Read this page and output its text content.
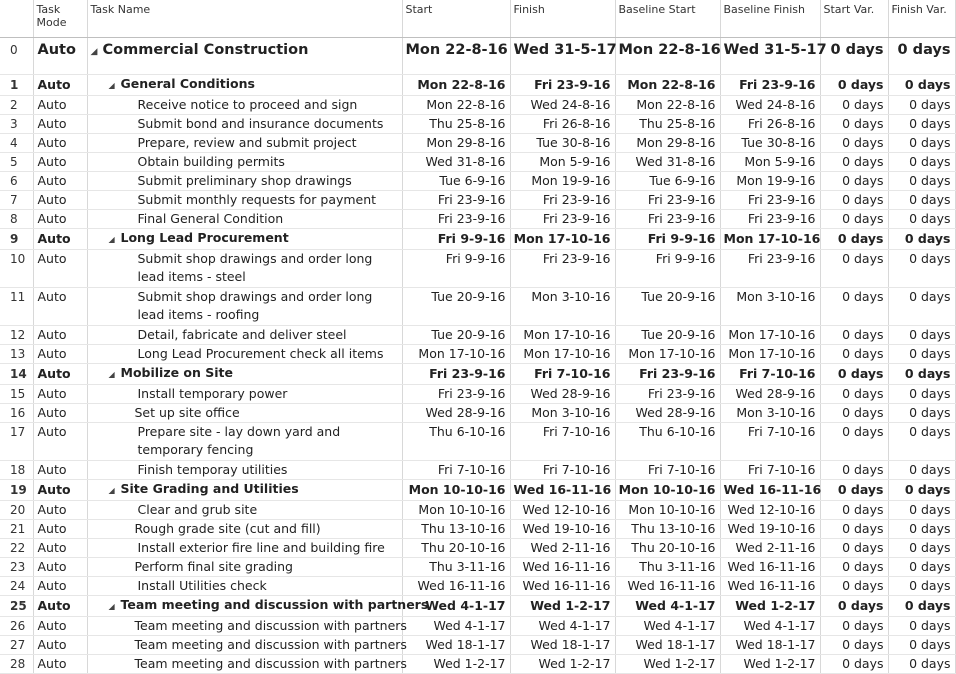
	Task Mode	Task Name	Start	Finish	Baseline Start	Baseline Finish	Start Var.	Finish Var.
0	Auto	◢ Commercial Construction	Mon 22-8-16	Wed 31-5-17	Mon 22-8-16	Wed 31-5-17	0 days	0 days
1	Auto	◢ General Conditions	Mon 22-8-16	Fri 23-9-16	Mon 22-8-16	Fri 23-9-16	0 days	0 days
2	Auto	Receive notice to proceed and sign	Mon 22-8-16	Wed 24-8-16	Mon 22-8-16	Wed 24-8-16	0 days	0 days
3	Auto	Submit bond and insurance documents	Thu 25-8-16	Fri 26-8-16	Thu 25-8-16	Fri 26-8-16	0 days	0 days
4	Auto	Prepare, review and submit project	Mon 29-8-16	Tue 30-8-16	Mon 29-8-16	Tue 30-8-16	0 days	0 days
5	Auto	Obtain building permits	Wed 31-8-16	Mon 5-9-16	Wed 31-8-16	Mon 5-9-16	0 days	0 days
6	Auto	Submit preliminary shop drawings	Tue 6-9-16	Mon 19-9-16	Tue 6-9-16	Mon 19-9-16	0 days	0 days
7	Auto	Submit monthly requests for payment	Fri 23-9-16	Fri 23-9-16	Fri 23-9-16	Fri 23-9-16	0 days	0 days
8	Auto	Final General Condition	Fri 23-9-16	Fri 23-9-16	Fri 23-9-16	Fri 23-9-16	0 days	0 days
9	Auto	◢ Long Lead Procurement	Fri 9-9-16	Mon 17-10-16	Fri 9-9-16	Mon 17-10-16	0 days	0 days
10	Auto	Submit shop drawings and order long lead items - steel	Fri 9-9-16	Fri 23-9-16	Fri 9-9-16	Fri 23-9-16	0 days	0 days
11	Auto	Submit shop drawings and order long lead items - roofing	Tue 20-9-16	Mon 3-10-16	Tue 20-9-16	Mon 3-10-16	0 days	0 days
12	Auto	Detail, fabricate and deliver steel	Tue 20-9-16	Mon 17-10-16	Tue 20-9-16	Mon 17-10-16	0 days	0 days
13	Auto	Long Lead Procurement check all items	Mon 17-10-16	Mon 17-10-16	Mon 17-10-16	Mon 17-10-16	0 days	0 days
14	Auto	◢ Mobilize on Site	Fri 23-9-16	Fri 7-10-16	Fri 23-9-16	Fri 7-10-16	0 days	0 days
15	Auto	Install temporary power	Fri 23-9-16	Wed 28-9-16	Fri 23-9-16	Wed 28-9-16	0 days	0 days
16	Auto	Set up site office	Wed 28-9-16	Mon 3-10-16	Wed 28-9-16	Mon 3-10-16	0 days	0 days
17	Auto	Prepare site - lay down yard and temporary fencing	Thu 6-10-16	Fri 7-10-16	Thu 6-10-16	Fri 7-10-16	0 days	0 days
18	Auto	Finish temporay utilities	Fri 7-10-16	Fri 7-10-16	Fri 7-10-16	Fri 7-10-16	0 days	0 days
19	Auto	◢ Site Grading and Utilities	Mon 10-10-16	Wed 16-11-16	Mon 10-10-16	Wed 16-11-16	0 days	0 days
20	Auto	Clear and grub site	Mon 10-10-16	Wed 12-10-16	Mon 10-10-16	Wed 12-10-16	0 days	0 days
21	Auto	Rough grade site (cut and fill)	Thu 13-10-16	Wed 19-10-16	Thu 13-10-16	Wed 19-10-16	0 days	0 days
22	Auto	Install exterior fire line and building fire	Thu 20-10-16	Wed 2-11-16	Thu 20-10-16	Wed 2-11-16	0 days	0 days
23	Auto	Perform final site grading	Thu 3-11-16	Wed 16-11-16	Thu 3-11-16	Wed 16-11-16	0 days	0 days
24	Auto	Install Utilities check	Wed 16-11-16	Wed 16-11-16	Wed 16-11-16	Wed 16-11-16	0 days	0 days
25	Auto	◢ Team meeting and discussion with partners	Wed 4-1-17	Wed 1-2-17	Wed 4-1-17	Wed 1-2-17	0 days	0 days
26	Auto	Team meeting and discussion with partners	Wed 4-1-17	Wed 4-1-17	Wed 4-1-17	Wed 4-1-17	0 days	0 days
27	Auto	Team meeting and discussion with partners	Wed 18-1-17	Wed 18-1-17	Wed 18-1-17	Wed 18-1-17	0 days	0 days
28	Auto	Team meeting and discussion with partners	Wed 1-2-17	Wed 1-2-17	Wed 1-2-17	Wed 1-2-17	0 days	0 days
